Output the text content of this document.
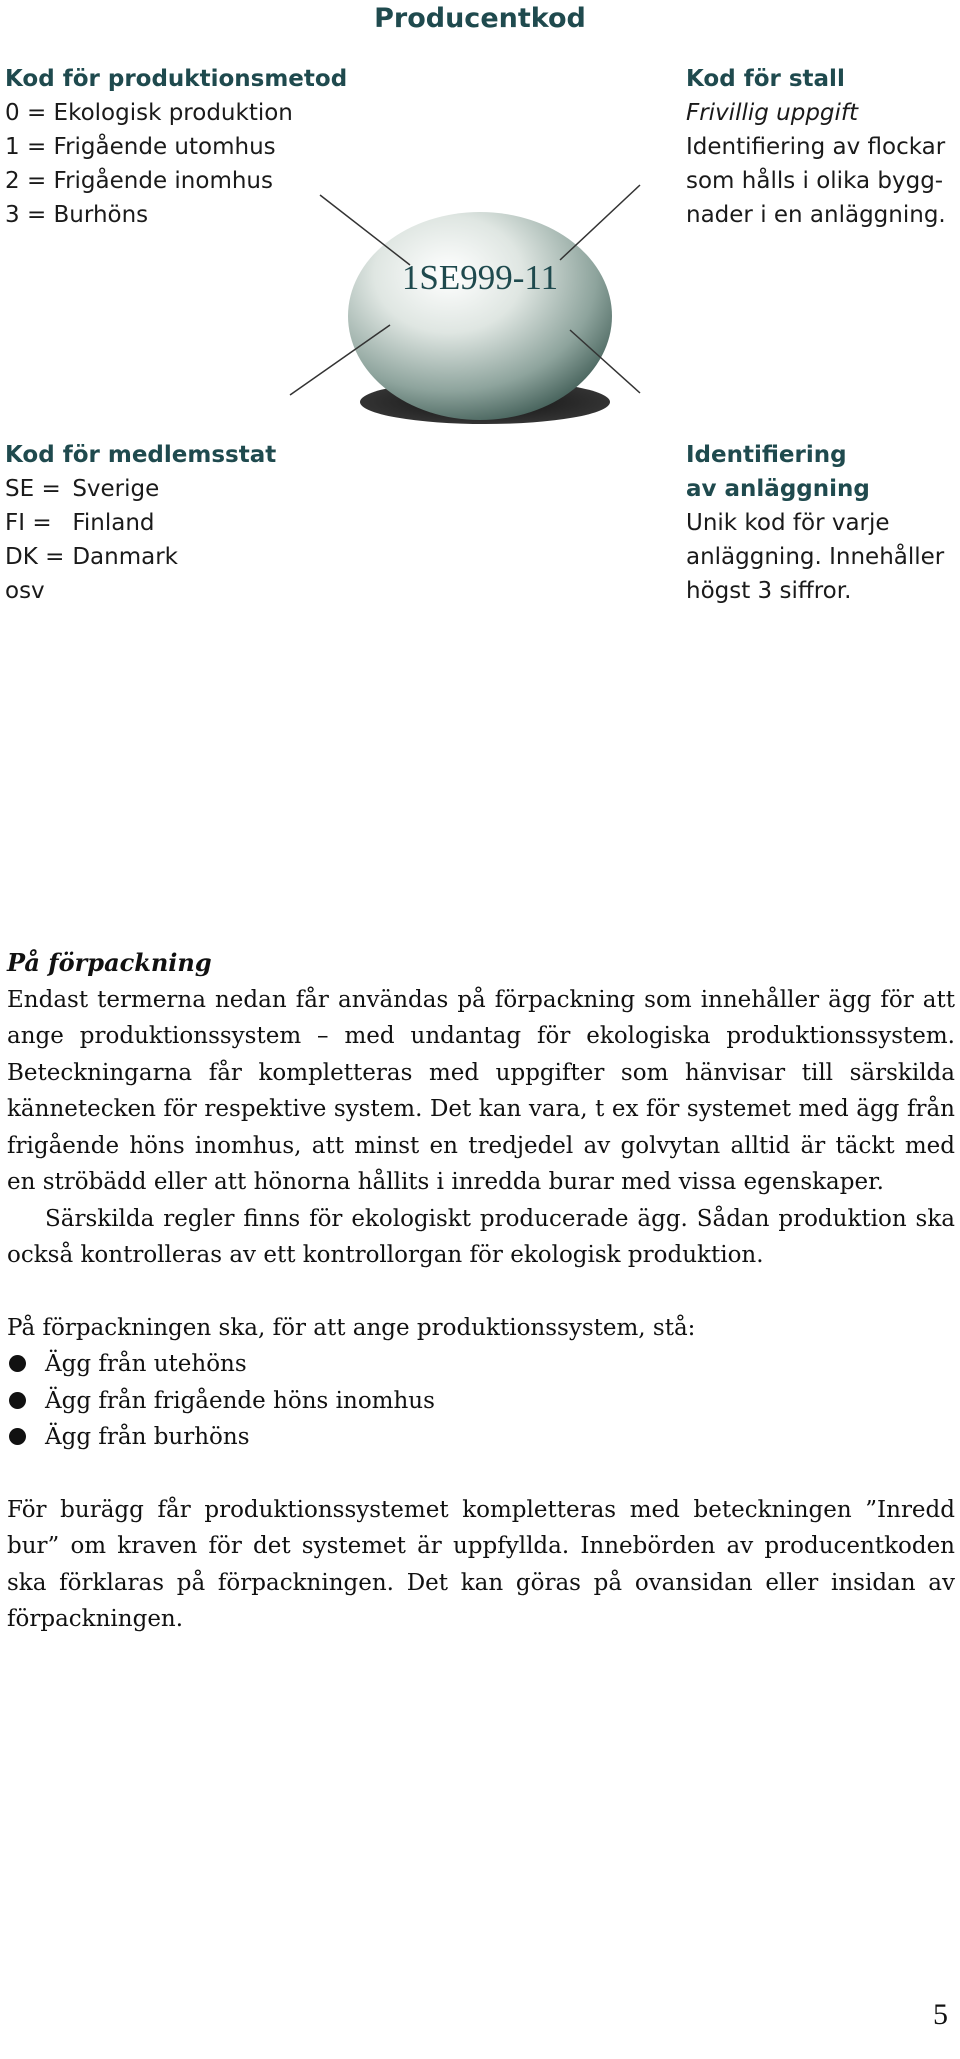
Producentkod
1SE999-11
Kod för produktionsmetod
0 =
Ekologisk produktion
1 =
Frigående utomhus
2 =
Frigående inomhus
3 =
Burhöns
Kod för stall
Frivillig uppgift
Identifiering av flockar
som hålls i olika bygg-
nader i en anläggning.
Kod för medlemsstat
SE =
Sverige
FI =
Finland
DK =
Danmark
osv
Identifiering
av anläggning
Unik kod för varje
anläggning. Innehåller
högst 3 siffror.

På förpackning

Endast termerna nedan får användas på förpackning som innehåller ägg för att ange produktionssystem – med undantag för ekologiska produktionssystem. Beteckningarna får kompletteras med uppgifter som hänvisar till särskilda kännetecken för respektive system. Det kan vara, t ex för systemet med ägg från frigående höns inomhus, att minst en tredjedel av golvytan alltid är täckt med en ströbädd eller att hönorna hållits i inredda burar med vissa egenskaper.

Särskilda regler finns för ekologiskt producerade ägg. Sådan produktion ska också kontrolleras av ett kontrollorgan för ekologisk produktion.

På förpackningen ska, för att ange produktionssystem, stå:

Ägg från utehöns
Ägg från frigående höns inomhus
Ägg från burhöns

För burägg får produktionssystemet kompletteras med beteckningen ”Inredd bur” om kraven för det systemet är uppfyllda. Innebörden av producentkoden ska förklaras på förpackningen. Det kan göras på ovansidan eller insidan av förpackningen.

5
